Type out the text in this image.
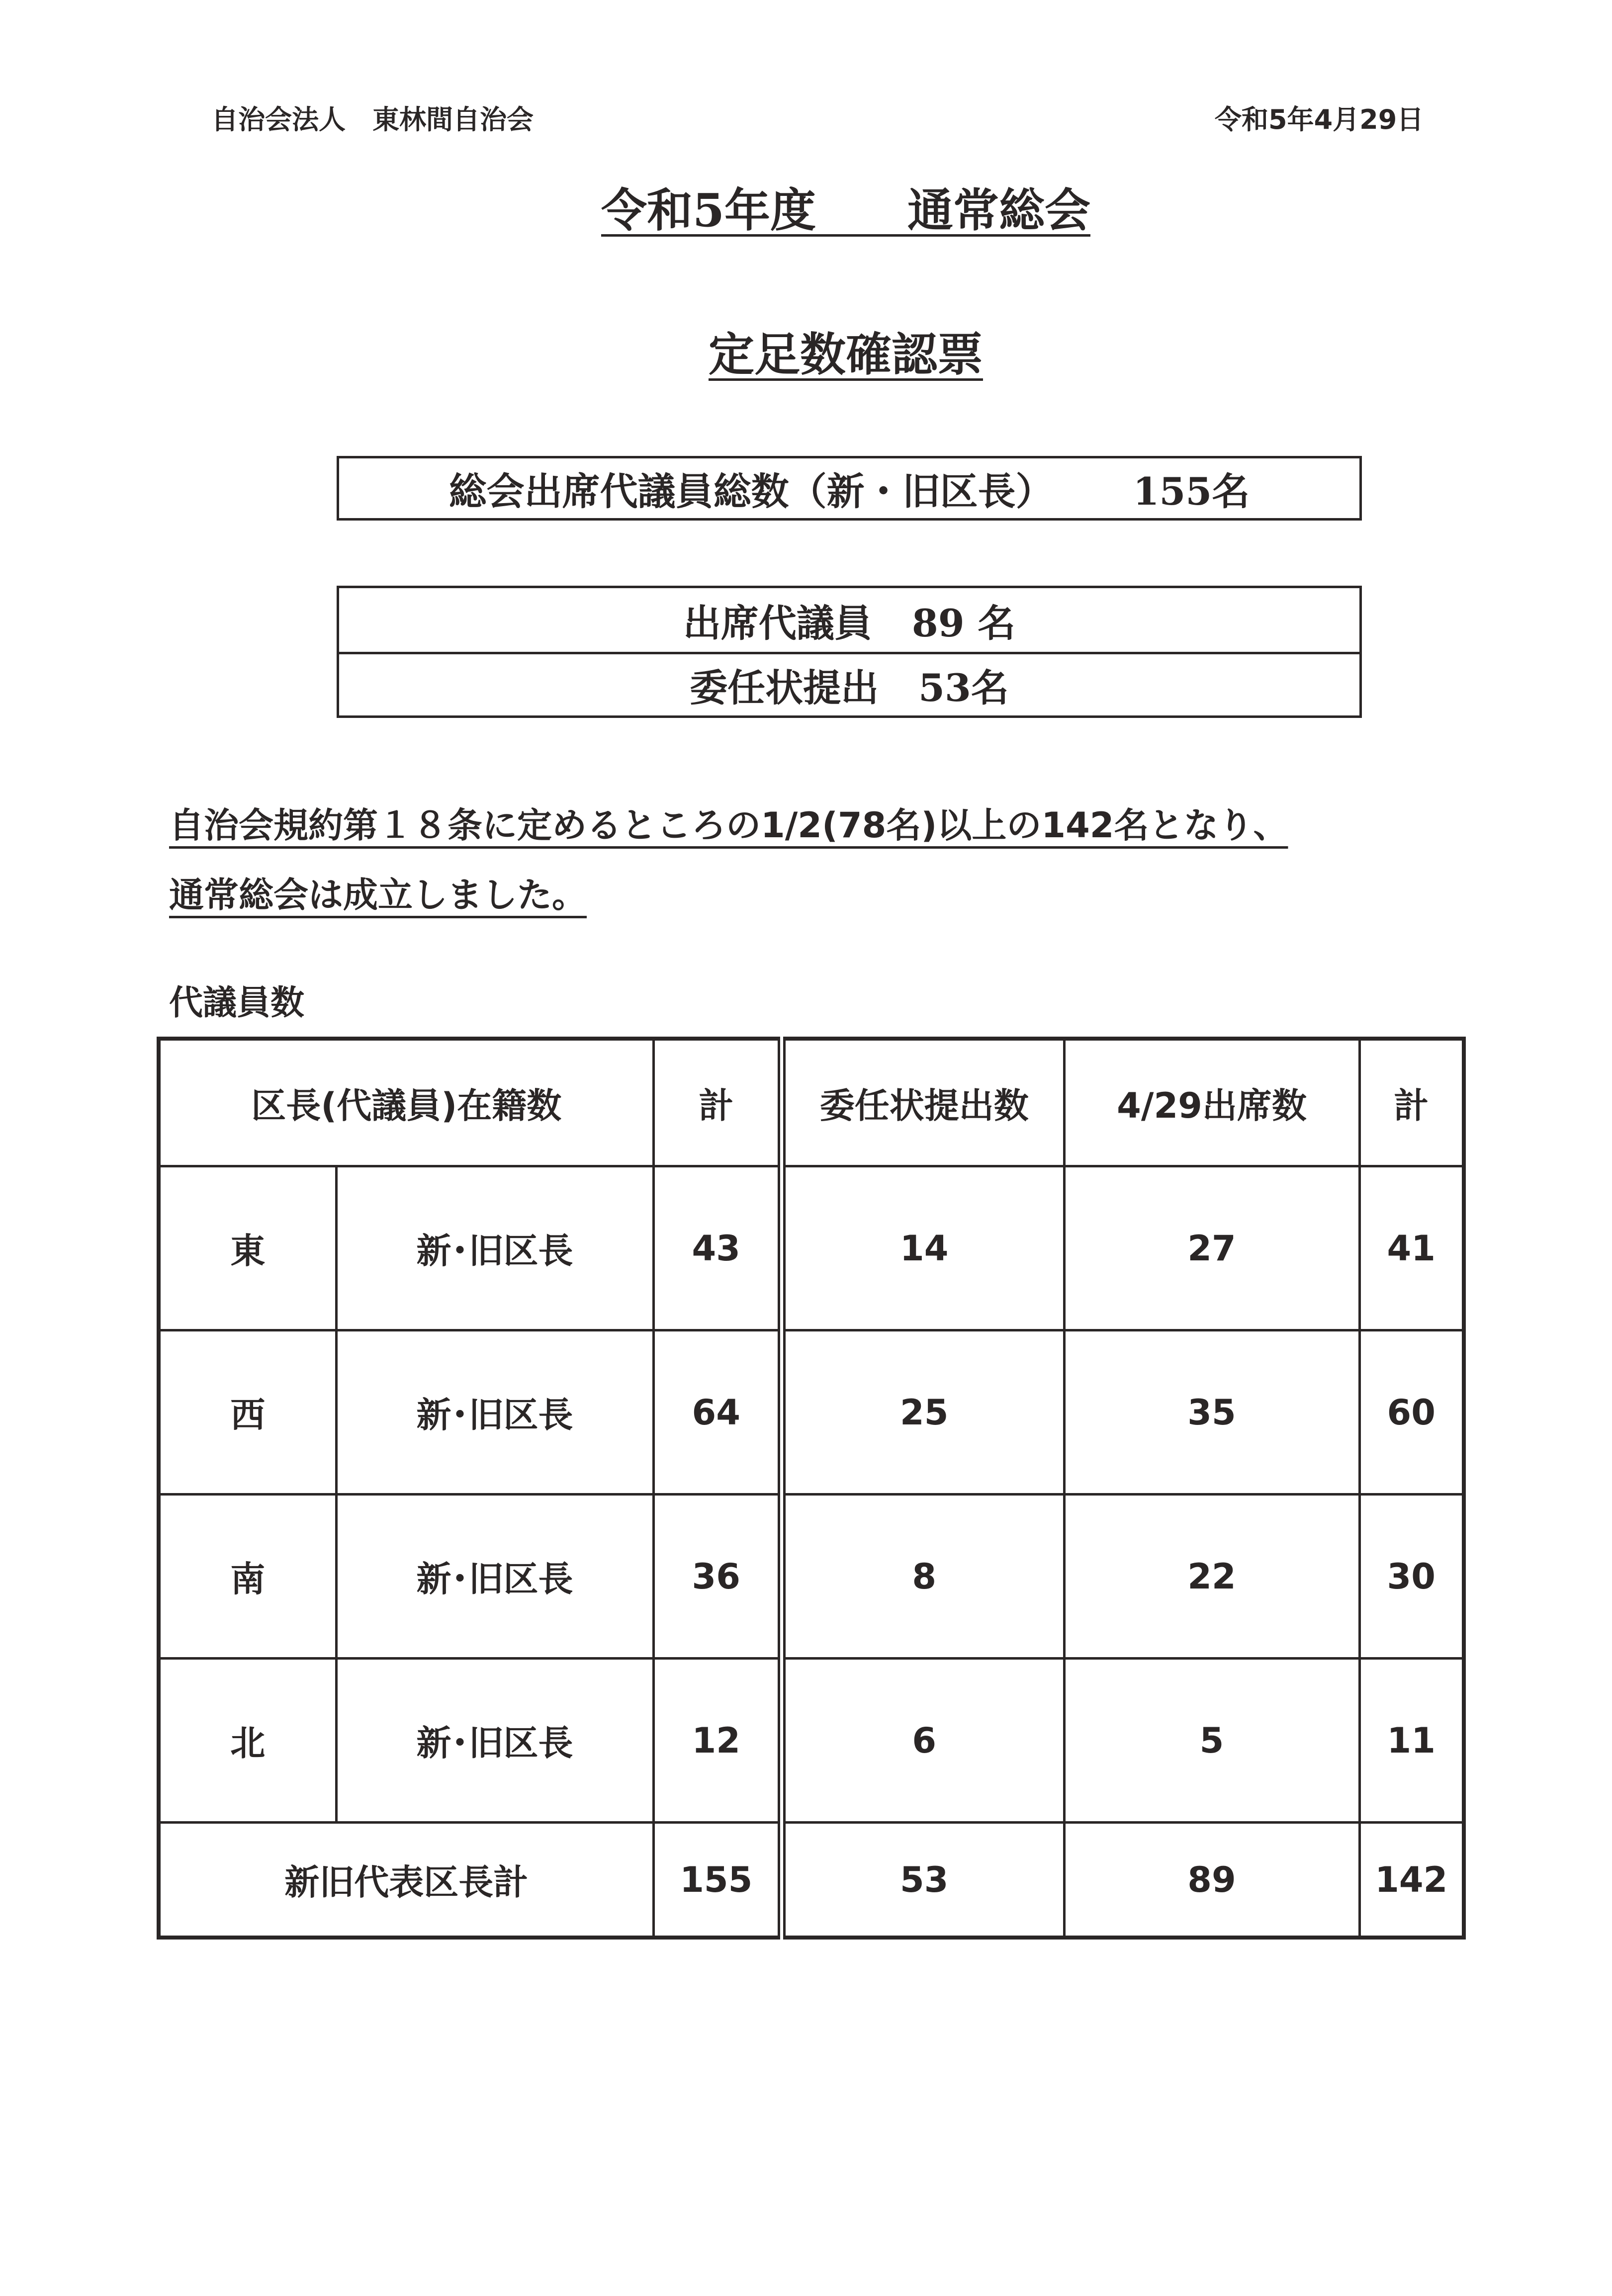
自治会法人　東林間自治会	令和5年4月29日
令和5年度　　通常総会
定足数確認票
総会出席代議員総数（新・旧区長） 155名
出席代議員 89 名
委任状提出 53名
自治会規約第１８条に定めるところの1/2(78名)以上の142名となり、
通常総会は成立しました。
代議員数
区長(代議員)在籍数		計	委任状提出数	4/29出席数	計
東	新･旧区長	43	14	27	41
西	新･旧区長	64	25	35	60
南	新･旧区長	36	8	22	30
北	新･旧区長	12	6	5	11
新旧代表区長計		155	53	89	142
